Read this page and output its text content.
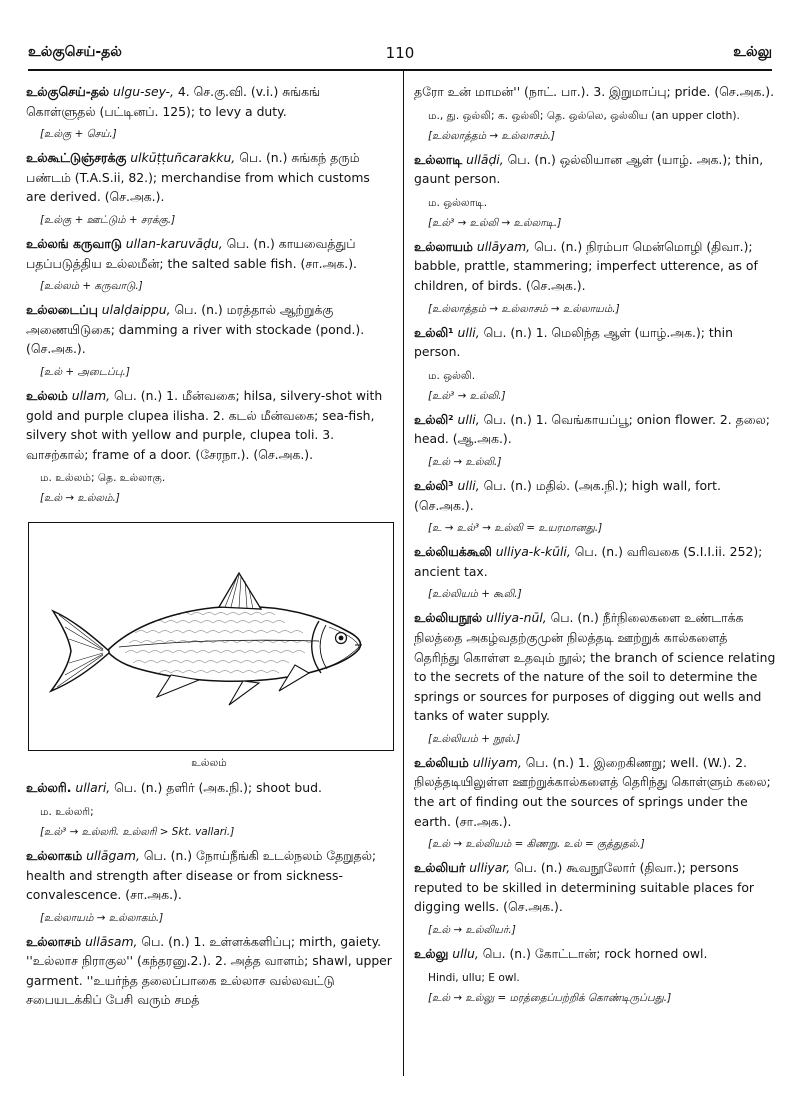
உல்குசெய்-தல்	110	உல்லு
உல்குசெய்-தல் ulgu-sey-, 4. செ.கு.வி. (v.i.) சுங்கங் கொள்ளுதல் (பட்டினப். 125); to levy a duty.
[உல்கு + செய்.]
உல்கூட்டுஞ்சரக்கு ulkūṭṭuñcarakku, பெ. (n.) சுங்கந் தரும் பண்டம் (T.A.S.ii, 82.); merchandise from which customs are derived. (செ.அக.).
[உல்கு + ஊட்டும் + சரக்கு.]
உல்லங் கருவாடு ullan-karuvāḍu, பெ. (n.) காயவைத்துப் பதப்படுத்திய உல்லமீன்; the salted sable fish. (சா.அக.).
[உல்லம் + கருவாடு.]
உல்லடைப்பு ulalḍaippu, பெ. (n.) மரத்தால் ஆற்றுக்கு அணையிடுகை; damming a river with stockade (pond.). (செ.அக.).
[உல் + அடைப்பு.]
உல்லம் ullam, பெ. (n.) 1. மீன்வகை; hilsa, silvery-shot with gold and purple clupea ilisha. 2. கடல் மீன்வகை; sea-fish, silvery shot with yellow and purple, clupea toli. 3. வாசற்கால்; frame of a door. (சேரநா.). (செ.அக.).
ம. உல்லம்; தெ. உல்லாகு.
[உல் → உல்லம்.]
உல்லம்
உல்லரி. ullari, பெ. (n.) தளிர் (அக.நி.); shoot bud.
ம. உல்லரி;
[உல்³ → உல்லரி. உல்லரி > Skt. vallari.]
உல்லாகம் ullāgam, பெ. (n.) நோய்நீங்கி உடல்நலம் தேறுதல்; health and strength after disease or from sickness- convalescence. (சா.அக.).
[உல்லாயம் → உல்லாகம்.]
உல்லாசம் ullāsam, பெ. (n.) 1. உள்ளக்களிப்பு; mirth, gaiety. ''உல்லாச நிராகுல'' (கந்தரனு.2.). 2. அத்த வாளம்; shawl, upper garment. ''உயர்ந்த தலைப்பாகை உல்லாச வல்லவட்டு சபையடக்கிப் பேசி வரும் சமத்
தரோ உன் மாமன்'' (நாட். பா.). 3. இறுமாப்பு; pride. (செ.அக.).
ம., து. ஒல்லி; க. ஒல்லி; தெ. ஒல்லெ, ஒல்லிய (an upper cloth).
[உல்லாத்தம் → உல்லாசம்.]
உல்லாடி ullāḍi, பெ. (n.) ஒல்லியான ஆள் (யாழ். அக.); thin, gaunt person.
ம. ஒல்லாடி.
[உல்³ → உல்லி → உல்லாடி.]
உல்லாயம் ullāyam, பெ. (n.) நிரம்பா மென்மொழி (திவா.); babble, prattle, stammering; imperfect utterence, as of children, of birds. (செ.அக.).
[உல்லாத்தம் → உல்லாசம் → உல்லாயம்.]
உல்லி¹ ulli, பெ. (n.) 1. மெலிந்த ஆள் (யாழ்.அக.); thin person.
ம. ஒல்லி.
[உல்³ → உல்லி.]
உல்லி² ulli, பெ. (n.) 1. வெங்காயப்பூ; onion flower. 2. தலை; head. (ஆ.அக.).
[உல் → உல்லி.]
உல்லி³ ulli, பெ. (n.) மதில். (அக.நி.); high wall, fort. (செ.அக.).
[உ → உல்³ → உல்லி = உயரமானது.]
உல்லியக்கூலி ulliya-k-kūli, பெ. (n.) வரிவகை (S.I.I.ii. 252); ancient tax.
[உல்லியம் + கூலி.]
உல்லியநூல் ulliya-nūl, பெ. (n.) நீர்நிலைகளை உண்டாக்க நிலத்தை அகழ்வதற்குமுன் நிலத்தடி ஊற்றுக் கால்களைத் தெரிந்து கொள்ள உதவும் நூல்; the branch of science relating to the secrets of the nature of the soil to determine the springs or sources for purposes of digging out wells and tanks of water supply.
[உல்லியம் + நூல்.]
உல்லியம் ulliyam, பெ. (n.) 1. இறைகிணறு; well. (W.). 2. நிலத்தடியிலுள்ள ஊற்றுக்கால்களைத் தெரிந்து கொள்ளும் கலை; the art of finding out the sources of springs under the earth. (சா.அக.).
[உல் → உல்லியம் = கிணறு. உல் = குத்துதல்.]
உல்லியர் ulliyar, பெ. (n.) கூவநூலோர் (திவா.); persons reputed to be skilled in determining suitable places for digging wells. (செ.அக.).
[உல் → உல்லியர்.]
உல்லு ullu, பெ. (n.) கோட்டான்; rock horned owl.
Hindi, ullu; E owl.
[உல் → உல்லு = மரத்தைப்பற்றிக் கொண்டிருப்பது.]
